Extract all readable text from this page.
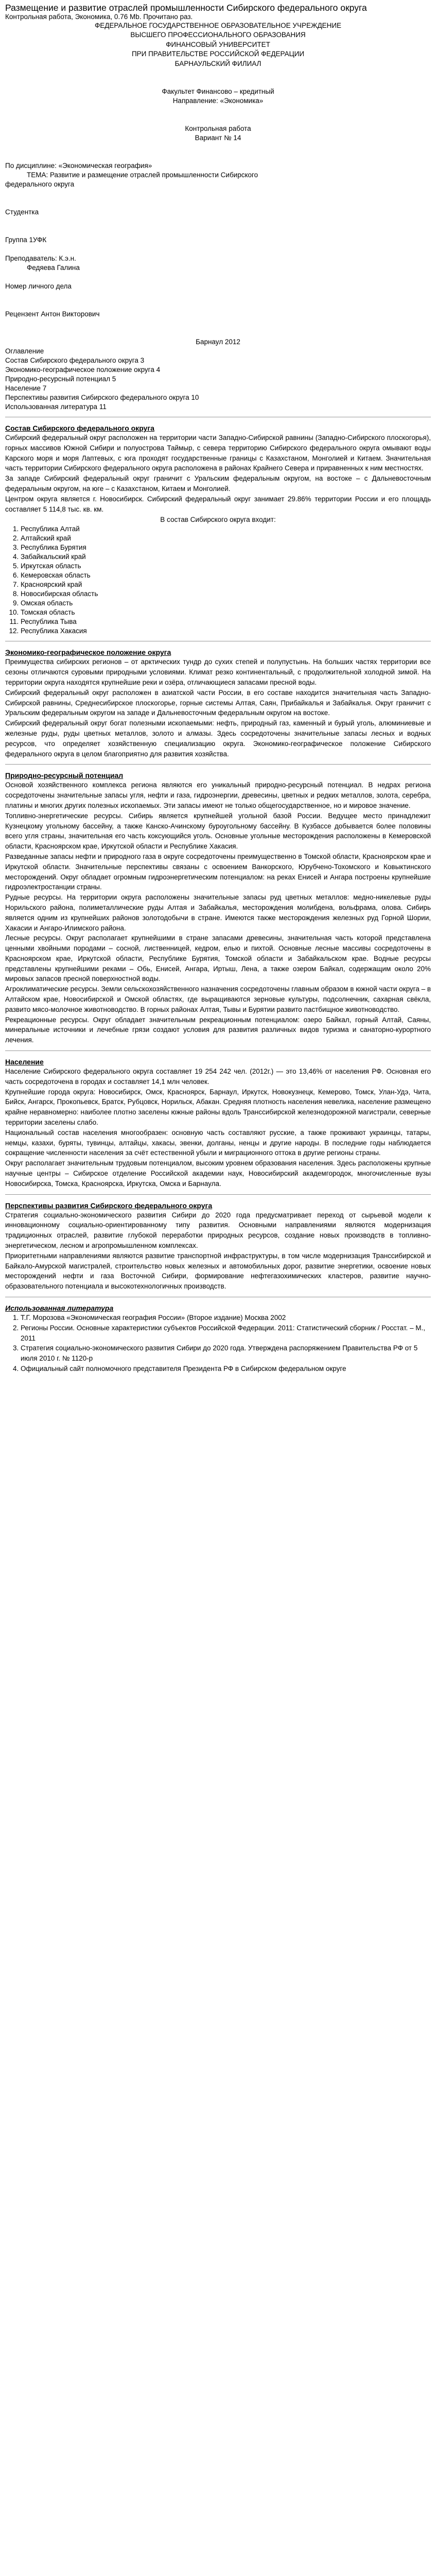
Размещение и развитие отраслей промышленности Сибирского федерального округа

Контрольная работа, Экономика, 0.76 Mb. Прочитано раз.

ФЕДЕРАЛЬНОЕ ГОСУДАРСТВЕННОЕ ОБРАЗОВАТЕЛЬНОЕ УЧРЕЖДЕНИЕ

ВЫСШЕГО ПРОФЕССИОНАЛЬНОГО ОБРАЗОВАНИЯ

ФИНАНСОВЫЙ УНИВЕРСИТЕТ

ПРИ ПРАВИТЕЛЬСТВЕ РОССИЙСКОЙ ФЕДЕРАЦИИ

БАРНАУЛЬСКИЙ ФИЛИАЛ

Факультет Финансово – кредитный

Направление: «Экономика»

Контрольная работа

Вариант № 14

По дисциплине: «Экономическая география»

ТЕМА: Развитие и размещение отраслей промышленности Сибирского

федерального округа

Студентка

Группа 1УФК

Преподаватель: К.э.н.

Федяева Галина

Номер личного дела

Рецензент Антон Викторович

Барнаул 2012

Оглавление

Состав Сибирского федерального округа 3

Экономико-географическое положение округа 4

Природно-ресурсный потенциал 5

Население 7

Перспективы развития Сибирского федерального округа 10

Использованная литература 11

Состав Сибирского федерального округа

Сибирский федеральный округ расположен на территории части Западно-Сибирской равнины (Западно-Сибирского плоскогорья), горных массивов Южной Сибири и полуострова Таймыр, с севера территорию Сибирского федерального округа омывают воды Карского моря и моря Лаптевых, с юга проходят государственные границы с Казахстаном, Монголией и Китаем. Значительная часть территории Сибирского федерального округа расположена в районах Крайнего Севера и приравненных к ним местностях.

За западе Сибирский федеральный округ граничит с Уральским федеральным округом, на востоке – с Дальневосточным федеральным округом, на юге – с Казахстаном, Китаем и Монголией.

Центром округа является г. Новосибирск. Сибирский федеральный округ занимает 29.86% территории России и его площадь составляет 5 114,8 тыс. кв. км.

В состав Сибирского округа входит:

1. Республика Алтай
2. Алтайский край
3. Республика Бурятия
4. Забайкальский край
5. Иркутская область
6. Кемеровская область
7. Красноярский край
8. Новосибирская область
9. Омская область
10. Томская область
11. Республика Тыва
12. Республика Хакасия
Экономико-географическое положение округа

Преимущества сибирских регионов – от арктических тундр до сухих степей и полупустынь. На больших частях территории все сезоны отличаются суровыми природными условиями. Климат резко континентальный, с продолжительной холодной зимой. На территории округа находятся крупнейшие реки и озёра, отличающиеся запасами пресной воды.

Сибирский федеральный округ расположен в азиатской части России, в его составе находится значительная часть Западно-Сибирской равнины, Среднесибирское плоскогорье, горные системы Алтая, Саян, Прибайкалья и Забайкалья. Округ граничит с Уральским федеральным округом на западе и Дальневосточным федеральным округом на востоке.

Сибирский федеральный округ богат полезными ископаемыми: нефть, природный газ, каменный и бурый уголь, алюминиевые и железные руды, руды цветных металлов, золото и алмазы. Здесь сосредоточены значительные запасы лесных и водных ресурсов, что определяет хозяйственную специализацию округа. Экономико-географическое положение Сибирского федерального округа в целом благоприятно для развития хозяйства.

Природно-ресурсный потенциал

Основой хозяйственного комплекса региона являются его уникальный природно-ресурсный потенциал. В недрах региона сосредоточены значительные запасы угля, нефти и газа, гидроэнергии, древесины, цветных и редких металлов, золота, серебра, платины и многих других полезных ископаемых. Эти запасы имеют не только общегосударственное, но и мировое значение.

Топливно-энергетические ресурсы. Сибирь является крупнейшей угольной базой России. Ведущее место принадлежит Кузнецкому угольному бассейну, а также Канско-Ачинскому буроугольному бассейну. В Кузбассе добывается более половины всего угля страны, значительная его часть коксующийся уголь. Основные угольные месторождения расположены в Кемеровской области, Красноярском крае, Иркутской области и Республике Хакасия.

Разведанные запасы нефти и природного газа в округе сосредоточены преимущественно в Томской области, Красноярском крае и Иркутской области. Значительные перспективы связаны с освоением Ванкорского, Юрубчено-Тохомского и Ковыктинского месторождений. Округ обладает огромным гидроэнергетическим потенциалом: на реках Енисей и Ангара построены крупнейшие гидроэлектростанции страны.

Рудные ресурсы. На территории округа расположены значительные запасы руд цветных металлов: медно-никелевые руды Норильского района, полиметаллические руды Алтая и Забайкалья, месторождения молибдена, вольфрама, олова. Сибирь является одним из крупнейших районов золотодобычи в стране. Имеются также месторождения железных руд Горной Шории, Хакасии и Ангаро-Илимского района.

Лесные ресурсы. Округ располагает крупнейшими в стране запасами древесины, значительная часть которой представлена ценными хвойными породами – сосной, лиственницей, кедром, елью и пихтой. Основные лесные массивы сосредоточены в Красноярском крае, Иркутской области, Республике Бурятия, Томской области и Забайкальском крае. Водные ресурсы представлены крупнейшими реками – Обь, Енисей, Ангара, Иртыш, Лена, а также озером Байкал, содержащим около 20% мировых запасов пресной поверхностной воды.

Агроклиматические ресурсы. Земли сельскохозяйственного назначения сосредоточены главным образом в южной части округа – в Алтайском крае, Новосибирской и Омской областях, где выращиваются зерновые культуры, подсолнечник, сахарная свёкла, развито мясо-молочное животноводство. В горных районах Алтая, Тывы и Бурятии развито пастбищное животноводство.

Рекреационные ресурсы. Округ обладает значительным рекреационным потенциалом: озеро Байкал, горный Алтай, Саяны, минеральные источники и лечебные грязи создают условия для развития различных видов туризма и санаторно-курортного лечения.

Население

Население Сибирского федерального округа составляет 19 254 242 чел. (2012г.) — это 13,46% от населения РФ. Основная его часть сосредоточена в городах и составляет 14,1 млн человек.

Крупнейшие города округа: Новосибирск, Омск, Красноярск, Барнаул, Иркутск, Новокузнецк, Кемерово, Томск, Улан-Удэ, Чита, Бийск, Ангарск, Прокопьевск, Братск, Рубцовск, Норильск, Абакан. Средняя плотность населения невелика, население размещено крайне неравномерно: наиболее плотно заселены южные районы вдоль Транссибирской железнодорожной магистрали, северные территории заселены слабо.

Национальный состав населения многообразен: основную часть составляют русские, а также проживают украинцы, татары, немцы, казахи, буряты, тувинцы, алтайцы, хакасы, эвенки, долганы, ненцы и другие народы. В последние годы наблюдается сокращение численности населения за счёт естественной убыли и миграционного оттока в другие регионы страны.

Округ располагает значительным трудовым потенциалом, высоким уровнем образования населения. Здесь расположены крупные научные центры – Сибирское отделение Российской академии наук, Новосибирский академгородок, многочисленные вузы Новосибирска, Томска, Красноярска, Иркутска, Омска и Барнаула.

Перспективы развития Сибирского федерального округа

Стратегия социально-экономического развития Сибири до 2020 года предусматривает переход от сырьевой модели к инновационному социально-ориентированному типу развития. Основными направлениями являются модернизация традиционных отраслей, развитие глубокой переработки природных ресурсов, создание новых производств в топливно-энергетическом, лесном и агропромышленном комплексах.

Приоритетными направлениями являются развитие транспортной инфраструктуры, в том числе модернизация Транссибирской и Байкало-Амурской магистралей, строительство новых железных и автомобильных дорог, развитие энергетики, освоение новых месторождений нефти и газа Восточной Сибири, формирование нефтегазохимических кластеров, развитие научно-образовательного потенциала и высокотехнологичных производств.

Использованная литература
1. Т.Г. Морозова «Экономическая география России» (Второе издание) Москва 2002
2. Регионы России. Основные характеристики субъектов Российской Федерации. 2011: Статистический сборник / Росстат. – М., 2011
3. Стратегия социально-экономического развития Сибири до 2020 года. Утверждена распоряжением Правительства РФ от 5 июля 2010 г. № 1120-р
4. Официальный сайт полномочного представителя Президента РФ в Сибирском федеральном округе
